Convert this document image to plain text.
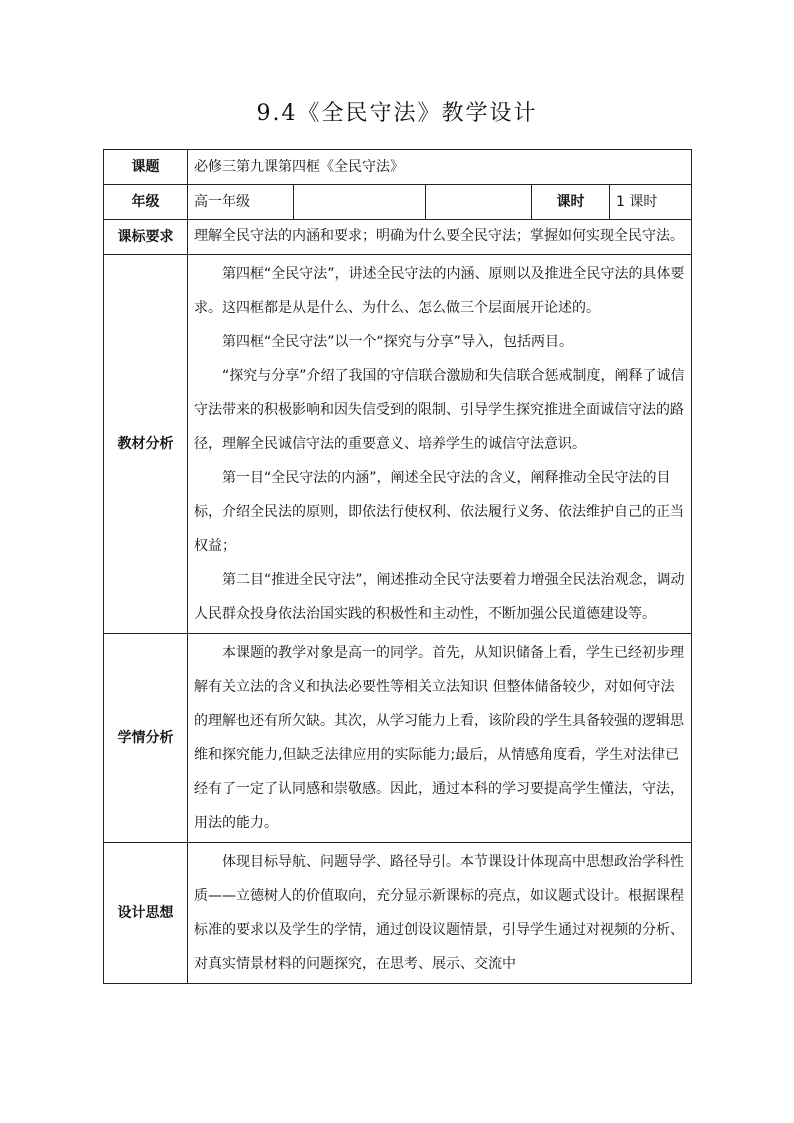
9.4《全民守法》教学设计
课题	必修三第九课第四框《全民守法》				
年级	高一年级			课时	1 课时
课标要求	理解全民守法的内涵和要求；明确为什么要全民守法；掌握如何实现全民守法。				
教材分析	第四框“全民守法”，讲述全民守法的内涵、原则以及推进全民守法的具体要求。这四框都是从是什么、为什么、怎么做三个层面展开论述的。

第四框“全民守法”以一个“探究与分享”导入，包括两目。

“探究与分享”介绍了我国的守信联合激励和失信联合惩戒制度，阐释了诚信守法带来的积极影响和因失信受到的限制、引导学生探究推进全面诚信守法的路径，理解全民诚信守法的重要意义、培养学生的诚信守法意识。

第一目“全民守法的内涵”，阐述全民守法的含义，阐释推动全民守法的目标，介绍全民法的原则，即依法行使权利、依法履行义务、依法维护自己的正当权益；

第二目“推进全民守法”，阐述推动全民守法要着力增强全民法治观念，调动人民群众投身依法治国实践的积极性和主动性，不断加强公民道德建设等。				

学情分析	本课题的教学对象是高一的同学。首先，从知识储备上看，学生已经初步理解有关立法的含义和执法必要性等相关立法知识 但整体储备较少，对如何守法的理解也还有所欠缺。其次，从学习能力上看，该阶段的学生具备较强的逻辑思维和探究能力,但缺乏法律应用的实际能力;最后，从情感角度看，学生对法律已经有了一定了认同感和崇敬感。因此，通过本科的学习要提高学生懂法，守法，用法的能力。				

设计思想	体现目标导航、问题导学、路径导引。本节课设计体现高中思想政治学科性质——立德树人的价值取向，充分显示新课标的亮点，如议题式设计。根据课程标准的要求以及学生的学情，通过创设议题情景，引导学生通过对视频的分析、对真实情景材料的问题探究，在思考、展示、交流中				
